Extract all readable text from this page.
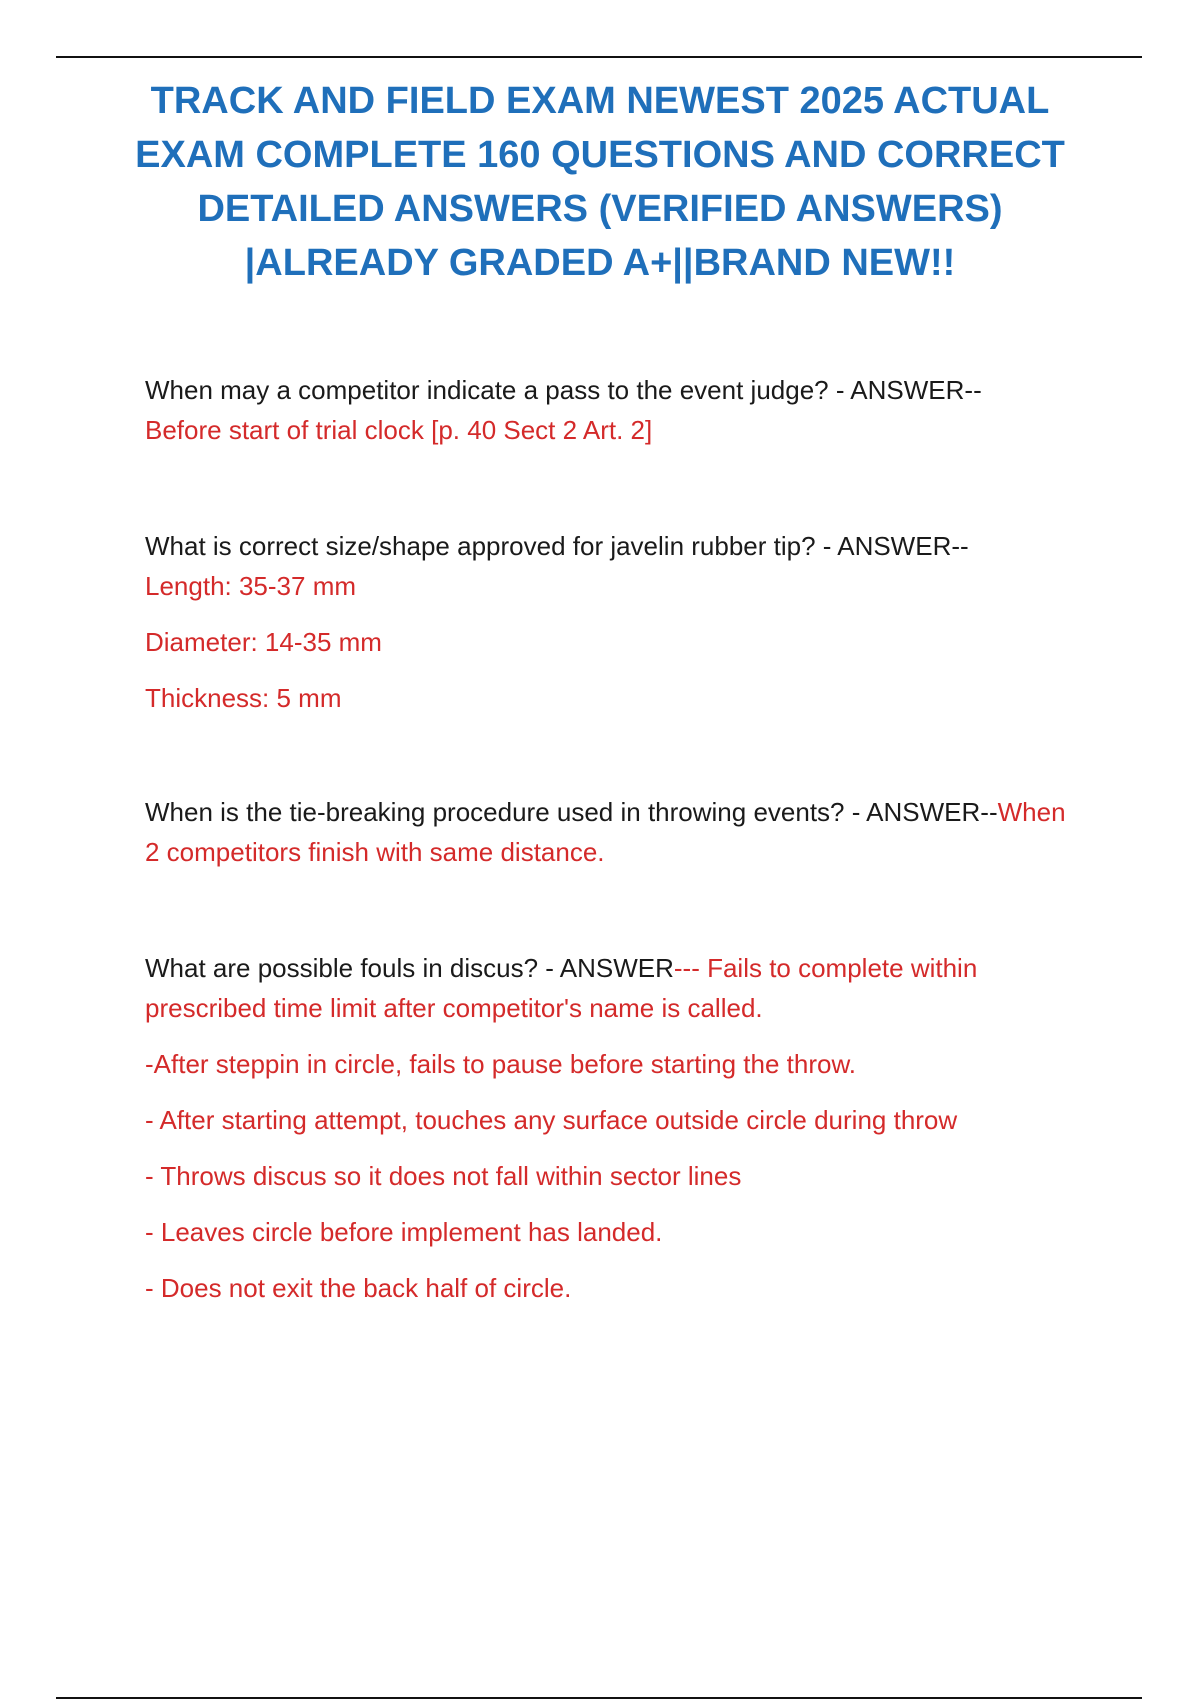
TRACK AND FIELD EXAM NEWEST 2025 ACTUAL EXAM COMPLETE 160 QUESTIONS AND CORRECT DETAILED ANSWERS (VERIFIED ANSWERS) |ALREADY GRADED A+||BRAND NEW!!
When may a competitor indicate a pass to the event judge? - ANSWER--
Before start of trial clock [p. 40 Sect 2 Art. 2]
What is correct size/shape approved for javelin rubber tip? - ANSWER--
Length: 35-37 mm
Diameter: 14-35 mm
Thickness: 5 mm

When is the tie-breaking procedure used in throwing events? - ANSWER--When 2 competitors finish with same distance.

What are possible fouls in discus? - ANSWER--- Fails to complete within prescribed time limit after competitor's name is called.

-After steppin in circle, fails to pause before starting the throw.
- After starting attempt, touches any surface outside circle during throw
- Throws discus so it does not fall within sector lines
- Leaves circle before implement has landed.
- Does not exit the back half of circle.
